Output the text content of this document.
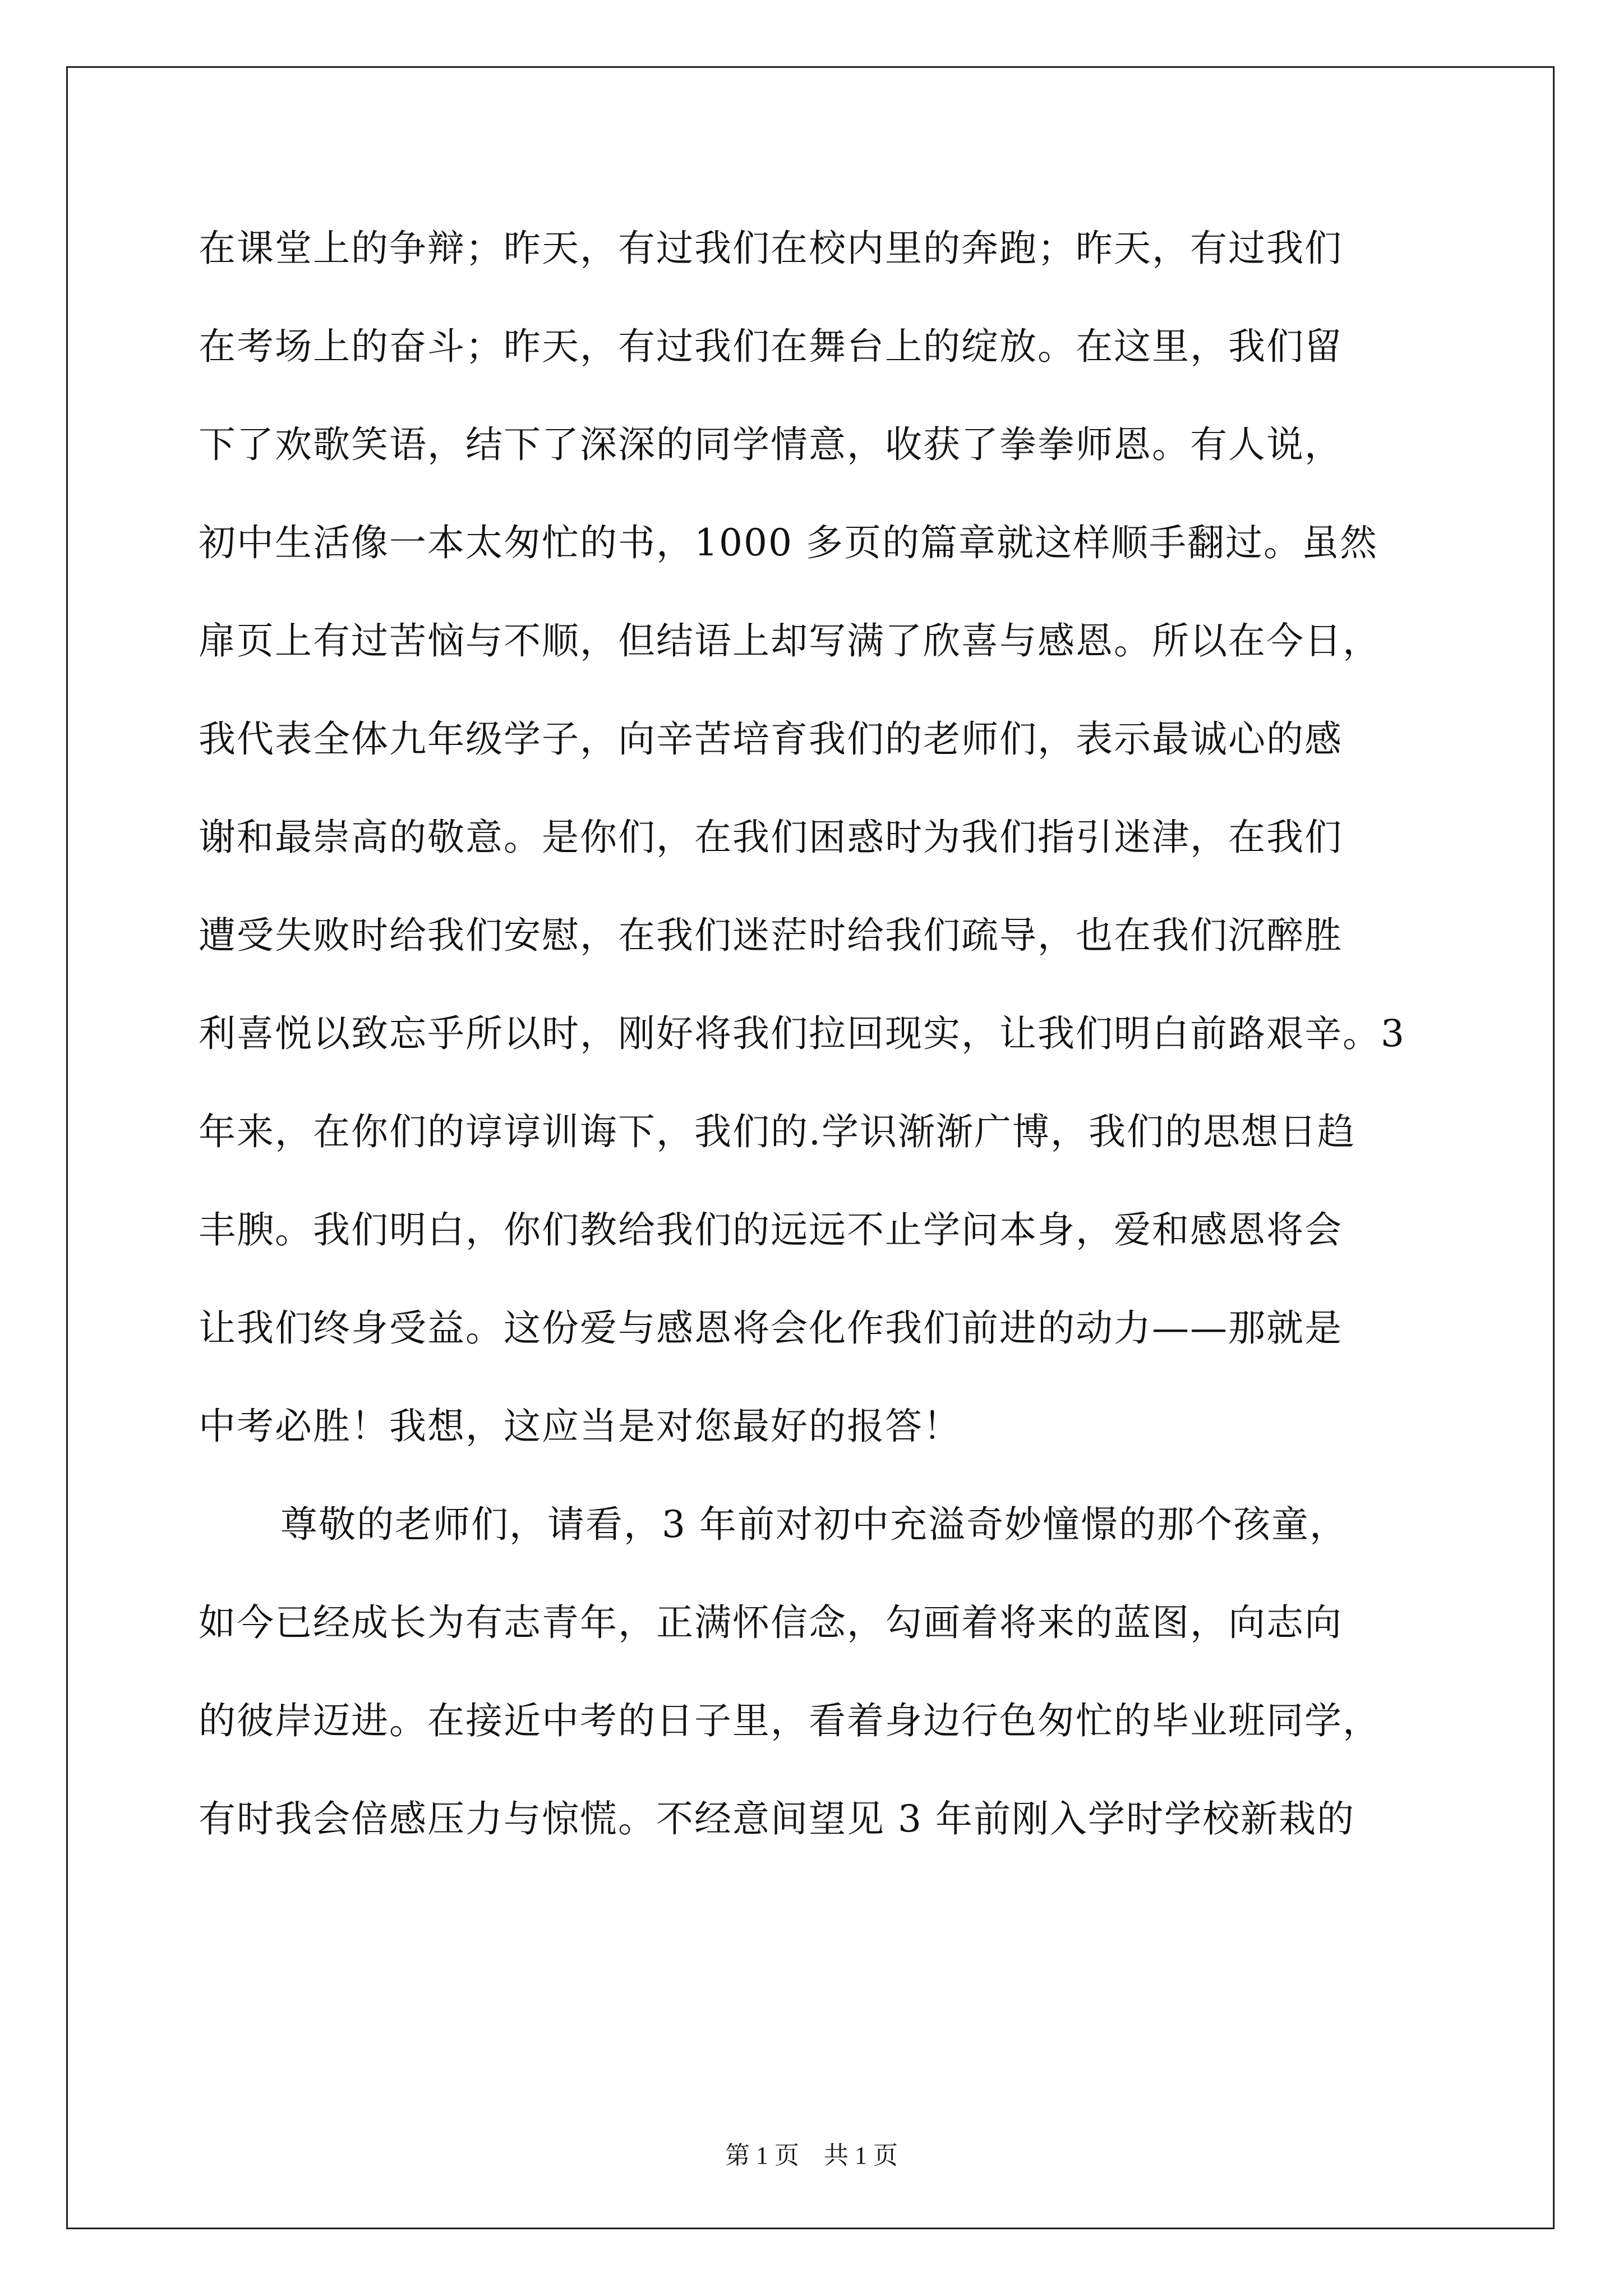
在课堂上的争辩；昨天，有过我们在校内里的奔跑；昨天，有过我们
在考场上的奋斗；昨天，有过我们在舞台上的绽放。在这里，我们留
下了欢歌笑语，结下了深深的同学情意，收获了拳拳师恩。有人说，
初中生活像一本太匆忙的书，1000 多页的篇章就这样顺手翻过。虽然
扉页上有过苦恼与不顺，但结语上却写满了欣喜与感恩。所以在今日，
我代表全体九年级学子，向辛苦培育我们的老师们，表示最诚心的感
谢和最崇高的敬意。是你们，在我们困惑时为我们指引迷津，在我们
遭受失败时给我们安慰，在我们迷茫时给我们疏导，也在我们沉醉胜
利喜悦以致忘乎所以时，刚好将我们拉回现实，让我们明白前路艰辛。3
年来，在你们的谆谆训诲下，我们的.学识渐渐广博，我们的思想日趋
丰腴。我们明白，你们教给我们的远远不止学问本身，爱和感恩将会
让我们终身受益。这份爱与感恩将会化作我们前进的动力——那就是
中考必胜！我想，这应当是对您最好的报答！
尊敬的老师们，请看，3 年前对初中充溢奇妙憧憬的那个孩童，
如今已经成长为有志青年，正满怀信念，勾画着将来的蓝图，向志向
的彼岸迈进。在接近中考的日子里，看着身边行色匆忙的毕业班同学，
有时我会倍感压力与惊慌。不经意间望见 3 年前刚入学时学校新栽的
第 1 页　共 1 页
